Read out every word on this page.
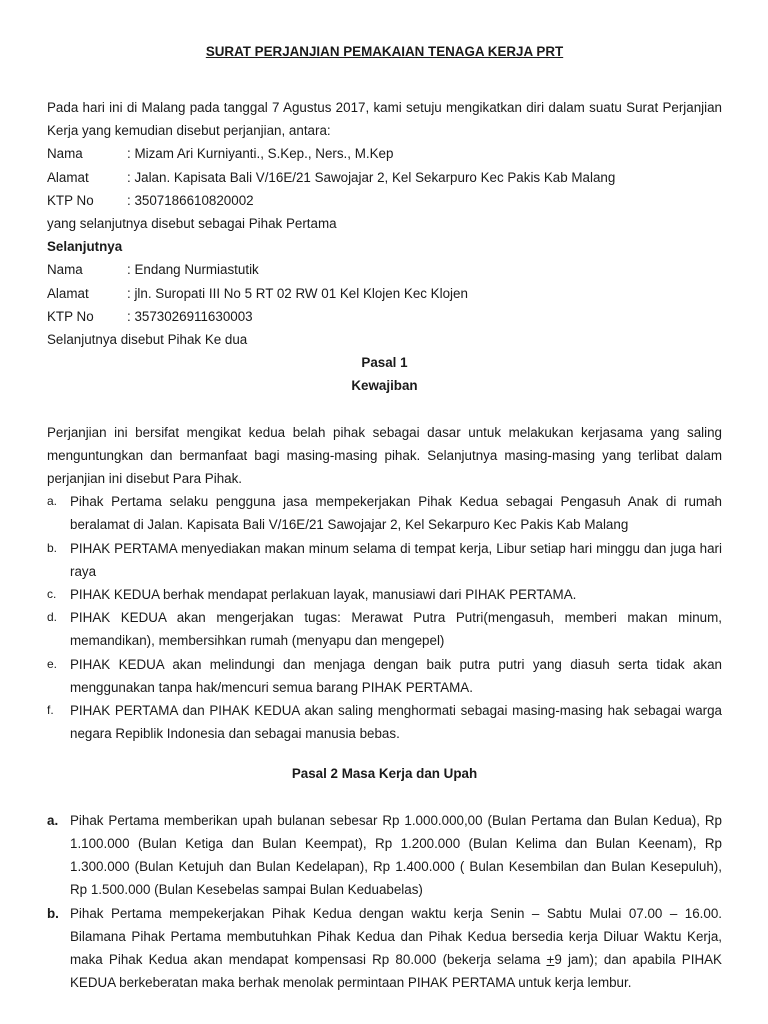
SURAT PERJANJIAN PEMAKAIAN TENAGA KERJA PRT

Pada hari ini di Malang pada tanggal 7 Agustus 2017, kami setuju mengikatkan diri dalam suatu Surat Perjanjian Kerja yang kemudian disebut perjanjian, antara:

Nama	: Mizam Ari Kurniyanti., S.Kep., Ners., M.Kep
Alamat	: Jalan. Kapisata Bali V/16E/21 Sawojajar 2, Kel Sekarpuro Kec Pakis Kab Malang
KTP No	: 3507186610820002

yang selanjutnya disebut sebagai Pihak Pertama

Selanjutnya

Nama	: Endang Nurmiastutik
Alamat	: jln. Suropati III No 5 RT 02 RW 01 Kel Klojen Kec Klojen
KTP No	: 3573026911630003

Selanjutnya disebut Pihak Ke dua

Pasal 1
Kewajiban

Perjanjian ini bersifat mengikat kedua belah pihak sebagai dasar untuk melakukan kerjasama yang saling menguntungkan dan bermanfaat bagi masing-masing pihak. Selanjutnya masing-masing yang terlibat dalam perjanjian ini disebut Para Pihak.

a. Pihak Pertama selaku pengguna jasa mempekerjakan Pihak Kedua sebagai Pengasuh Anak di rumah beralamat di Jalan. Kapisata Bali V/16E/21 Sawojajar 2, Kel Sekarpuro Kec Pakis Kab Malang
b. PIHAK PERTAMA menyediakan makan minum selama di tempat kerja, Libur setiap hari minggu dan juga hari raya
c.	PIHAK KEDUA berhak mendapat perlakuan layak, manusiawi dari PIHAK PERTAMA.
d. PIHAK KEDUA akan mengerjakan tugas: Merawat Putra Putri(mengasuh, memberi makan minum, memandikan), membersihkan rumah (menyapu dan mengepel)
e. PIHAK KEDUA akan melindungi dan menjaga dengan baik putra putri yang diasuh serta tidak akan menggunakan tanpa hak/mencuri semua barang PIHAK PERTAMA.
f.	PIHAK PERTAMA dan PIHAK KEDUA akan saling menghormati sebagai masing-masing hak sebagai warga negara Repiblik Indonesia dan sebagai manusia bebas.
Pasal 2 Masa Kerja dan Upah
a. Pihak Pertama memberikan upah bulanan sebesar Rp 1.000.000,00 (Bulan Pertama dan Bulan Kedua), Rp 1.100.000 (Bulan Ketiga dan Bulan Keempat), Rp 1.200.000 (Bulan Kelima dan Bulan Keenam), Rp 1.300.000 (Bulan Ketujuh dan Bulan Kedelapan), Rp 1.400.000 ( Bulan Kesembilan dan Bulan Kesepuluh), Rp 1.500.000 (Bulan Kesebelas sampai Bulan Keduabelas)
b. Pihak Pertama mempekerjakan Pihak Kedua dengan waktu kerja Senin – Sabtu Mulai 07.00 – 16.00. Bilamana Pihak Pertama membutuhkan Pihak Kedua dan Pihak Kedua bersedia kerja Diluar Waktu Kerja, maka Pihak Kedua akan mendapat kompensasi Rp 80.000 (bekerja selama +9 jam); dan apabila PIHAK KEDUA berkeberatan maka berhak menolak permintaan PIHAK PERTAMA untuk kerja lembur.
